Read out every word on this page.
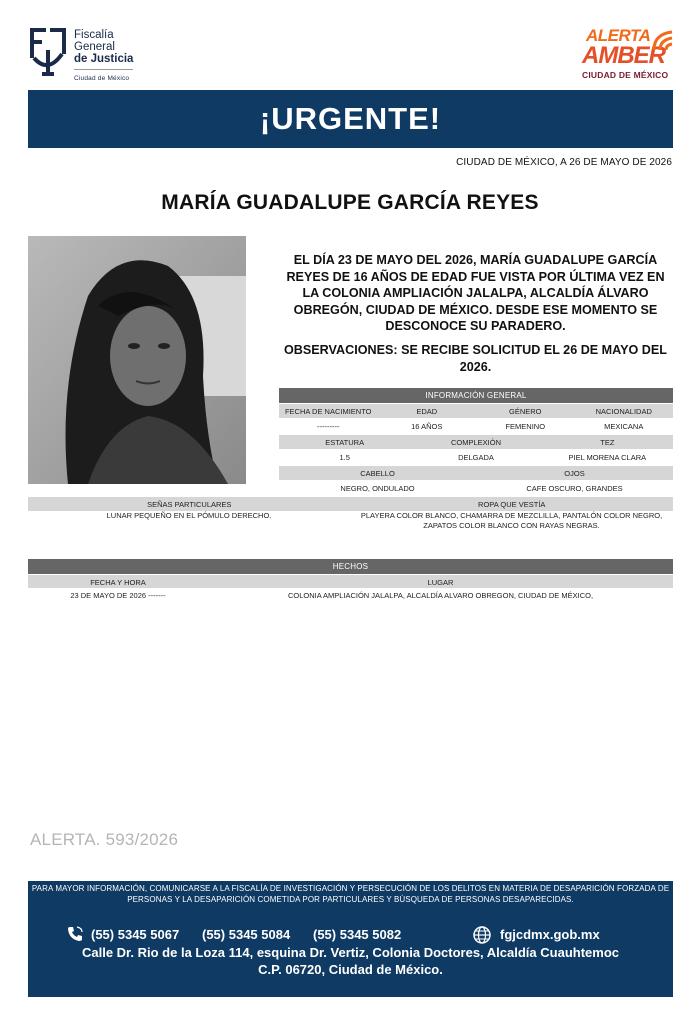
Fiscalía
General
de Justicia
Ciudad de México
ALERTA
AMBER
CIUDAD DE MÉXICO
¡URGENTE!
CIUDAD DE MÉXICO, A 26 DE MAYO DE 2026
MARÍA GUADALUPE GARCÍA REYES
EL DÍA 23 DE MAYO DEL 2026, MARÍA GUADALUPE GARCÍA REYES DE 16 AÑOS DE EDAD FUE VISTA POR ÚLTIMA VEZ EN LA COLONIA AMPLIACIÓN JALALPA, ALCALDÍA ÁLVARO OBREGÓN, CIUDAD DE MÉXICO. DESDE ESE MOMENTO SE DESCONOCE SU PARADERO.
OBSERVACIONES: SE RECIBE SOLICITUD EL 26 DE MAYO DEL 2026.
INFORMACIÓN GENERAL
FECHA DE NACIMIENTO	EDAD	GÉNERO	NACIONALIDAD
---------	16 AÑOS	FEMENINO	MEXICANA
ESTATURA	COMPLEXIÓN	TEZ
1.5	DELGADA	PIEL MORENA CLARA
CABELLO	OJOS
NEGRO, ONDULADO	CAFE OSCURO, GRANDES
SEÑAS PARTICULARES	ROPA QUE VESTÍA
LUNAR PEQUEÑO EN EL PÓMULO DERECHO.	PLAYERA COLOR BLANCO, CHAMARRA DE MEZCLILLA, PANTALÓN COLOR NEGRO, ZAPATOS COLOR BLANCO CON RAYAS NEGRAS.
HECHOS
FECHA Y HORA	LUGAR
23 DE MAYO DE 2026 -------	COLONIA AMPLIACIÓN JALALPA, ALCALDÍA ALVARO OBREGON, CIUDAD DE MÉXICO,
ALERTA. 593/2026
PARA MAYOR INFORMACIÓN, COMUNICARSE A LA FISCALÍA DE INVESTIGACIÓN Y PERSECUCIÓN DE LOS DELITOS EN MATERIA DE DESAPARICIÓN FORZADA DE PERSONAS Y LA DESAPARICIÓN COMETIDA POR PARTICULARES Y BÚSQUEDA DE PERSONAS DESAPARECIDAS.
(55) 5345 5067 (55) 5345 5084 (55) 5345 5082	fgjcdmx.gob.mx
Calle Dr. Rio de la Loza 114, esquina Dr. Vertiz, Colonia Doctores, Alcaldía Cuauhtemoc
C.P. 06720, Ciudad de México.
